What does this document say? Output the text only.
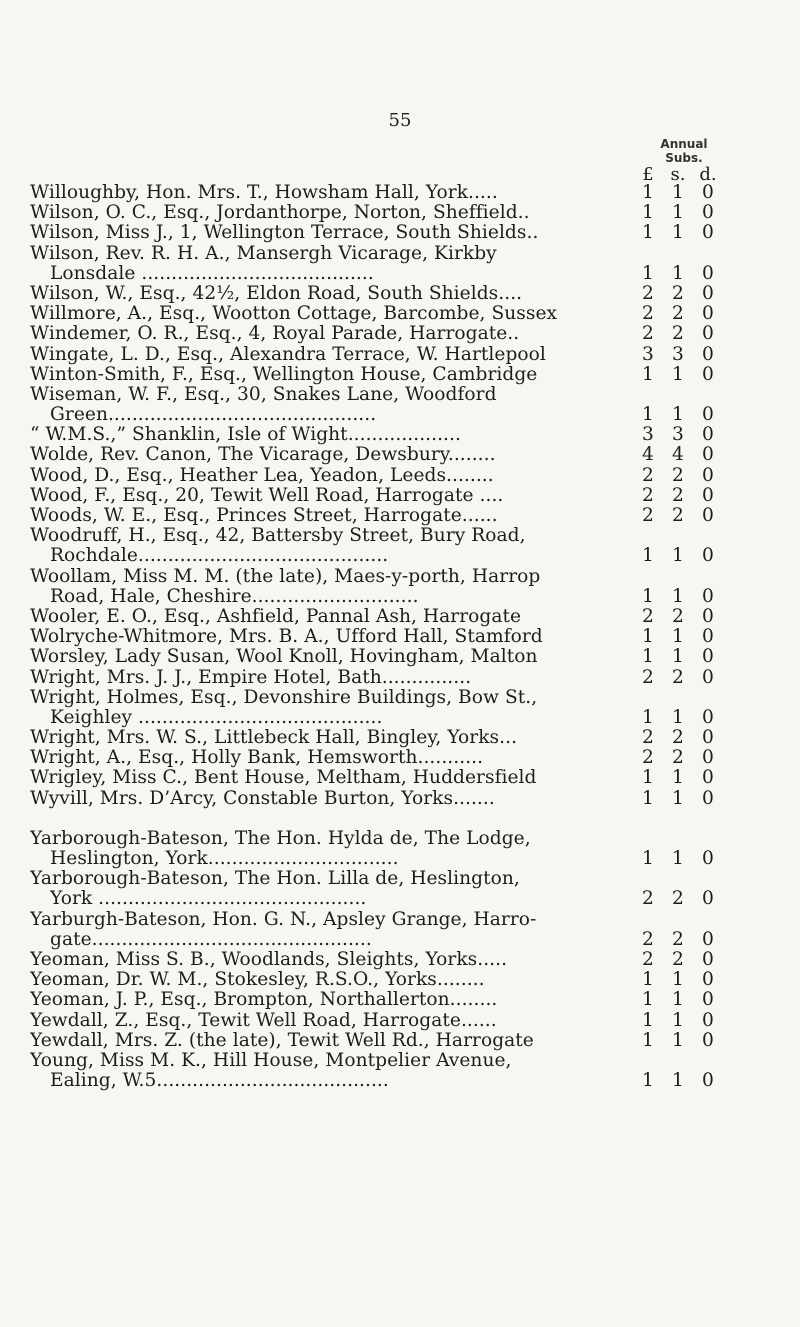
55
Annual
Subs.
£ s. d.
Willoughby, Hon. Mrs. T., Howsham Hall, York.....	1 1 0
Wilson, O. C., Esq., Jordanthorpe, Norton, Sheffield..	1 1 0
Wilson, Miss J., 1, Wellington Terrace, South Shields..	1 1 0
Wilson, Rev. R. H. A., Mansergh Vicarage, Kirkby
Lonsdale .......................................	1 1 0
Wilson, W., Esq., 42½, Eldon Road, South Shields....	2 2 0
Willmore, A., Esq., Wootton Cottage, Barcombe, Sussex	2 2 0
Windemer, O. R., Esq., 4, Royal Parade, Harrogate..	2 2 0
Wingate, L. D., Esq., Alexandra Terrace, W. Hartlepool	3 3 0
Winton-Smith, F., Esq., Wellington House, Cambridge	1 1 0
Wiseman, W. F., Esq., 30, Snakes Lane, Woodford
Green.............................................	1 1 0
“ W.M.S.,” Shanklin, Isle of Wight...................	3 3 0
Wolde, Rev. Canon, The Vicarage, Dewsbury........	4 4 0
Wood, D., Esq., Heather Lea, Yeadon, Leeds........	2 2 0
Wood, F., Esq., 20, Tewit Well Road, Harrogate ....	2 2 0
Woods, W. E., Esq., Princes Street, Harrogate......	2 2 0
Woodruff, H., Esq., 42, Battersby Street, Bury Road,
Rochdale..........................................	1 1 0
Woollam, Miss M. M. (the late), Maes-y-porth, Harrop
Road, Hale, Cheshire............................	1 1 0
Wooler, E. O., Esq., Ashfield, Pannal Ash, Harrogate	2 2 0
Wolryche-Whitmore, Mrs. B. A., Ufford Hall, Stamford	1 1 0
Worsley, Lady Susan, Wool Knoll, Hovingham, Malton	1 1 0
Wright, Mrs. J. J., Empire Hotel, Bath...............	2 2 0
Wright, Holmes, Esq., Devonshire Buildings, Bow St.,
Keighley .........................................	1 1 0
Wright, Mrs. W. S., Littlebeck Hall, Bingley, Yorks...	2 2 0
Wright, A., Esq., Holly Bank, Hemsworth...........	2 2 0
Wrigley, Miss C., Bent House, Meltham, Huddersfield	1 1 0
Wyvill, Mrs. D’Arcy, Constable Burton, Yorks.......	1 1 0
Yarborough-Bateson, The Hon. Hylda de, The Lodge,
Heslington, York................................	1 1 0
Yarborough-Bateson, The Hon. Lilla de, Heslington,
York .............................................	2 2 0
Yarburgh-Bateson, Hon. G. N., Apsley Grange, Harro-
gate...............................................	2 2 0
Yeoman, Miss S. B., Woodlands, Sleights, Yorks.....	2 2 0
Yeoman, Dr. W. M., Stokesley, R.S.O., Yorks........	1 1 0
Yeoman, J. P., Esq., Brompton, Northallerton........	1 1 0
Yewdall, Z., Esq., Tewit Well Road, Harrogate......	1 1 0
Yewdall, Mrs. Z. (the late), Tewit Well Rd., Harrogate	1 1 0
Young, Miss M. K., Hill House, Montpelier Avenue,
Ealing, W.5.......................................	1 1 0
